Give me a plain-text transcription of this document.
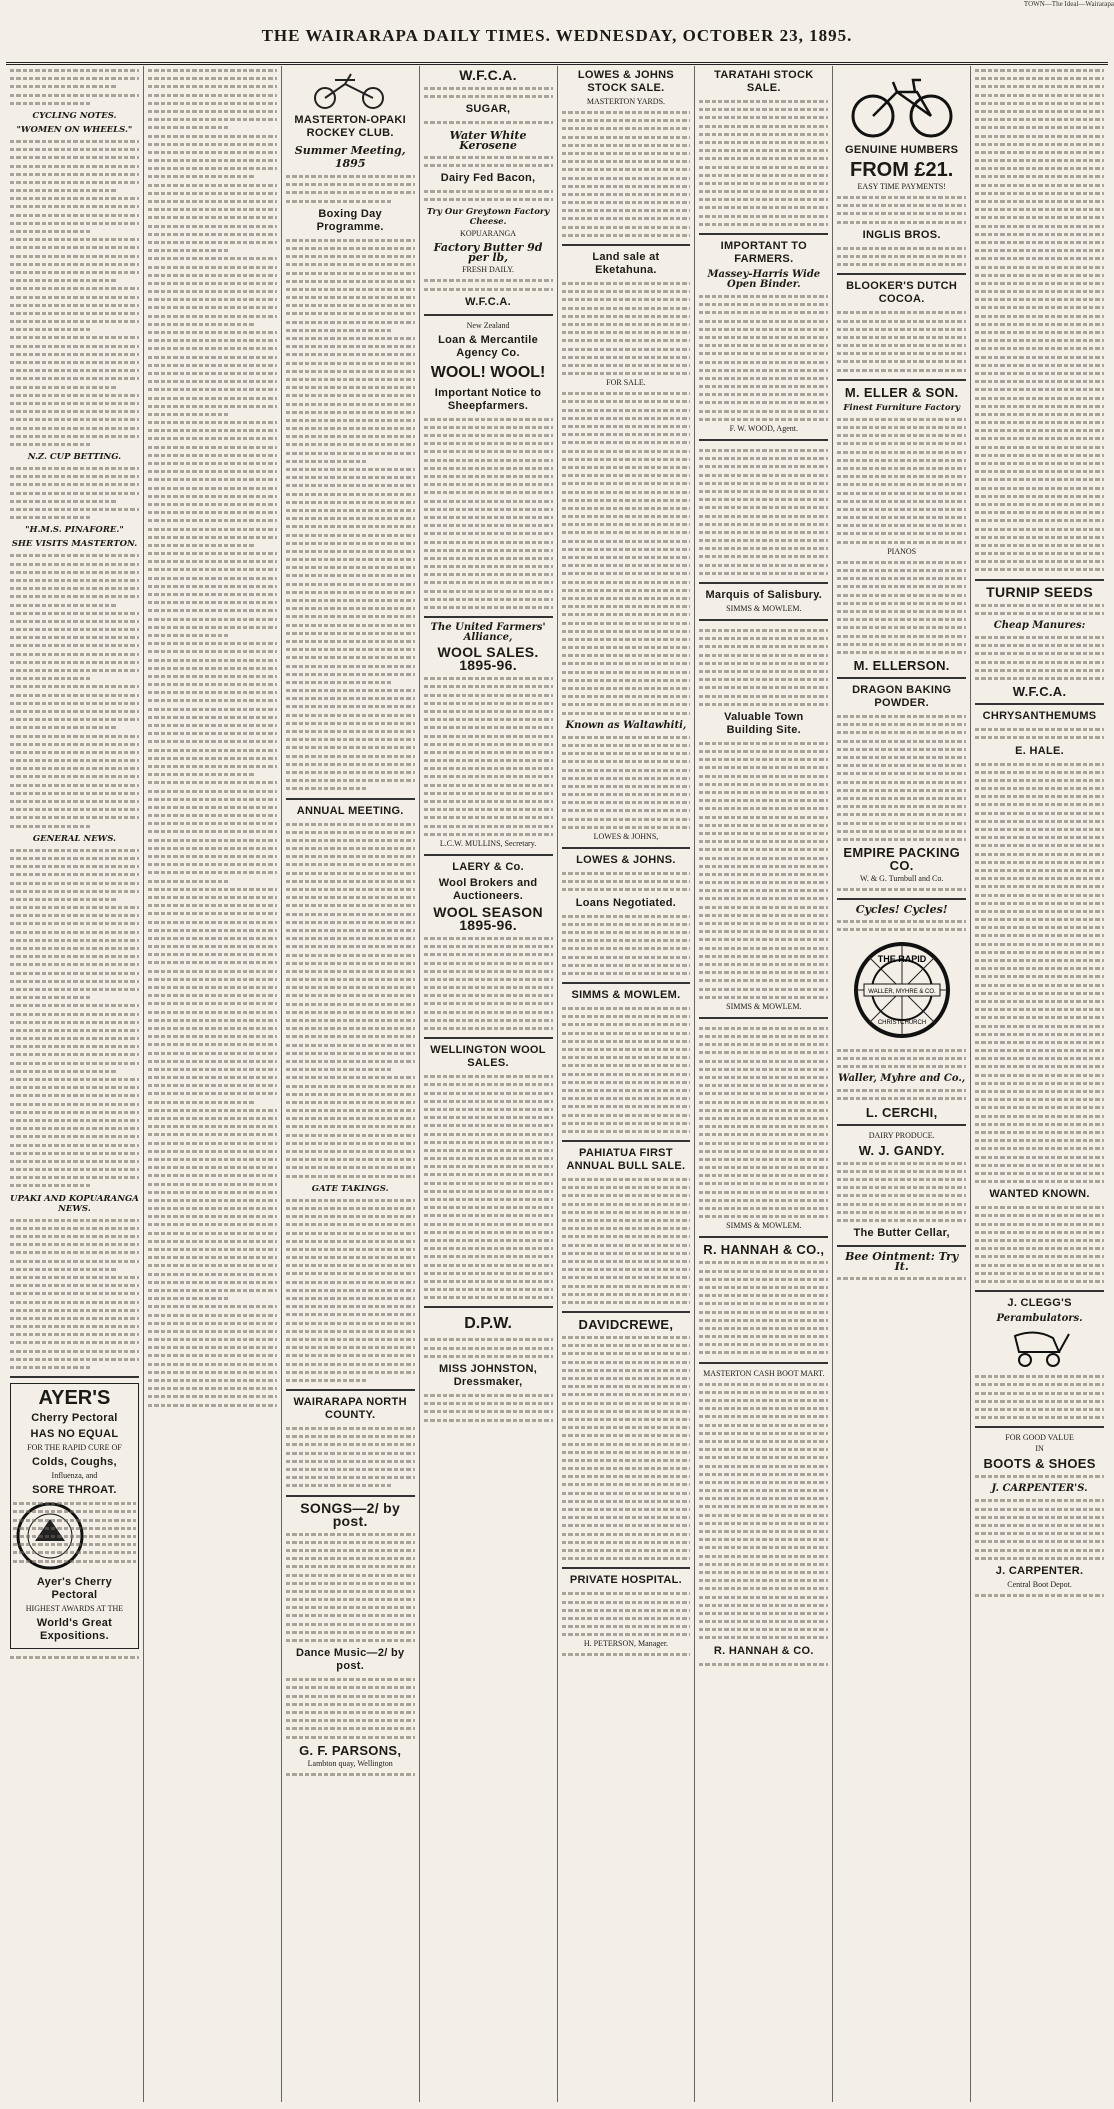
TOWN—The Ideal—Wairarapa
THE WAIRARAPA DAILY TIMES. WEDNESDAY, OCTOBER 23, 1895.
CYCLING NOTES.
"WOMEN ON WHEELS."
N.Z. CUP BETTING.
"H.M.S. PINAFORE."
SHE VISITS MASTERTON.
GENERAL NEWS.
UPAKI AND KOPUARANGA NEWS.
AYER'S
Cherry Pectoral
HAS NO EQUAL
FOR THE RAPID CURE OF
Colds, Coughs,
Influenza, and
SORE THROAT.
Ayer's Cherry Pectoral
HIGHEST AWARDS AT THE
World's Great Expositions.
MASTERTON-OPAKI ROCKEY CLUB.
Summer Meeting, 1895
Boxing Day Programme.
ANNUAL MEETING.
GATE TAKINGS.
WAIRARAPA NORTH COUNTY.
SONGS—2/ by post.
Dance Music—2/ by post.
G. F. PARSONS,
Lambton quay, Wellington
W.F.C.A.
SUGAR,
Water White Kerosene
Dairy Fed Bacon,
Try Our Greytown Factory Cheese.
KOPUARANGA
Factory Butter 9d per lb,
FRESH DAILY.
W.F.C.A.
New Zealand
Loan & Mercantile Agency Co.
WOOL! WOOL!
Important Notice to Sheepfarmers.
The United Farmers' Alliance,
WOOL SALES. 1895-96.
L.C.W. MULLINS, Secretary.
LAERY & Co.
Wool Brokers and Auctioneers.
WOOL SEASON 1895-96.
WELLINGTON WOOL SALES.
D.P.W.
MISS JOHNSTON, Dressmaker,
LOWES & JOHNS STOCK SALE.
MASTERTON YARDS.
Land sale at Eketahuna.
FOR SALE.
Known as Waltawhiti,
LOWES & JOHNS,
LOWES & JOHNS.
Loans Negotiated.
SIMMS & MOWLEM.
PAHIATUA FIRST ANNUAL BULL SALE.
DAVIDCREWE,
PRIVATE HOSPITAL.
H. PETERSON, Manager.
TARATAHI STOCK SALE.
IMPORTANT TO FARMERS.
Massey-Harris Wide Open Binder.
F. W. WOOD, Agent.
Marquis of Salisbury.
SIMMS & MOWLEM.
Valuable Town Building Site.
SIMMS & MOWLEM.
SIMMS & MOWLEM.
R. HANNAH & CO.,
MASTERTON CASH BOOT MART.
R. HANNAH & CO.
GENUINE HUMBERS
FROM £21.
EASY TIME PAYMENTS!
INGLIS BROS.
BLOOKER'S DUTCH COCOA.
M. ELLER & SON.
Finest Furniture Factory
PIANOS
M. ELLERSON.
DRAGON BAKING POWDER.
EMPIRE PACKING CO.
W. & G. Turnbull and Co.
Cycles! Cycles!
THE RAPID
WALLER, MYHRE & CO.
CHRISTCHURCH
Waller, Myhre and Co.,
L. CERCHI,
DAIRY PRODUCE.
W. J. GANDY.
The Butter Cellar,
Bee Ointment: Try It.
TURNIP SEEDS
Cheap Manures:
W.F.C.A.
CHRYSANTHEMUMS
E. HALE.
WANTED KNOWN.
J. CLEGG'S
Perambulators.
FOR GOOD VALUE
IN
BOOTS & SHOES
J. CARPENTER'S.
J. CARPENTER.
Central Boot Depot.
